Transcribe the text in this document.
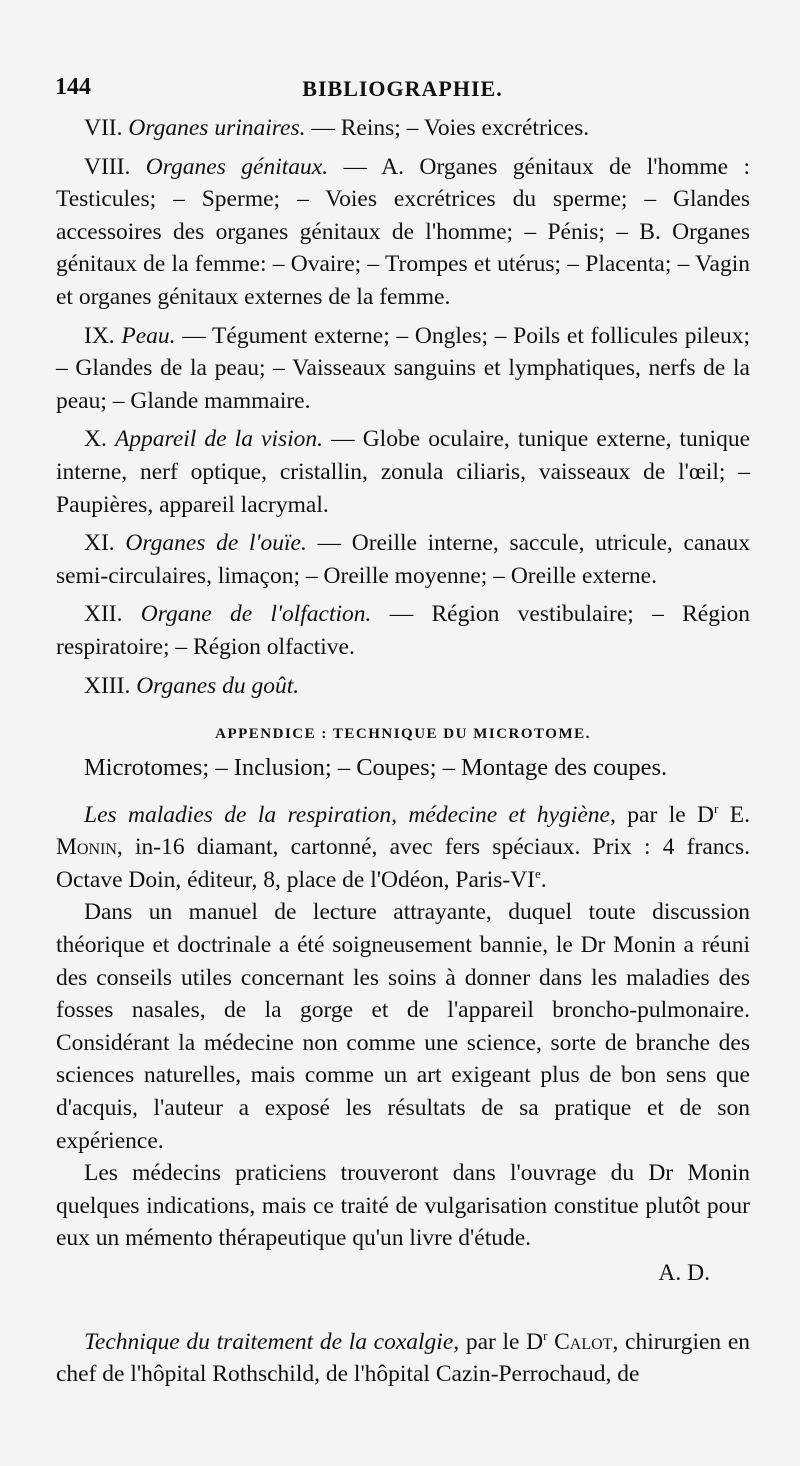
144	BIBLIOGRAPHIE.

VII. Organes urinaires. — Reins; – Voies excrétrices.

VIII. Organes génitaux. — A. Organes génitaux de l'homme : Testicules; – Sperme; – Voies excrétrices du sperme; – Glandes accessoires des organes génitaux de l'homme; – Pénis; – B. Organes génitaux de la femme: – Ovaire; – Trompes et utérus; – Placenta; – Vagin et organes génitaux externes de la femme.

IX. Peau. — Tégument externe; – Ongles; – Poils et follicules pileux; – Glandes de la peau; – Vaisseaux sanguins et lymphatiques, nerfs de la peau; – Glande mammaire.

X. Appareil de la vision. — Globe oculaire, tunique externe, tunique interne, nerf optique, cristallin, zonula ciliaris, vaisseaux de l'œil; – Paupières, appareil lacrymal.

XI. Organes de l'ouïe. — Oreille interne, saccule, utricule, canaux semi-circulaires, limaçon; – Oreille moyenne; – Oreille externe.

XII. Organe de l'olfaction. — Région vestibulaire; – Région respiratoire; – Région olfactive.

XIII. Organes du goût.

APPENDICE : TECHNIQUE DU MICROTOME.

Microtomes; – Inclusion; – Coupes; – Montage des coupes.

Les maladies de la respiration, médecine et hygiène, par le $D^r$ E. Monin, in-16 diamant, cartonné, avec fers spéciaux. Prix : 4 francs. Octave Doin, éditeur, 8, place de l'Odéon, Paris-VIe.

Dans un manuel de lecture attrayante, duquel toute discussion théorique et doctrinale a été soigneusement bannie, le Dr Monin a réuni des conseils utiles concernant les soins à donner dans les maladies des fosses nasales, de la gorge et de l'appareil broncho-pulmonaire. Considérant la médecine non comme une science, sorte de branche des sciences naturelles, mais comme un art exigeant plus de bon sens que d'acquis, l'auteur a exposé les résultats de sa pratique et de son expérience.

Les médecins praticiens trouveront dans l'ouvrage du Dr Monin quelques indications, mais ce traité de vulgarisation constitue plutôt pour eux un mémento thérapeutique qu'un livre d'étude.

A. D.

Technique du traitement de la coxalgie, par le $D^r$ Calot, chirurgien en chef de l'hôpital Rothschild, de l'hôpital Cazin-Perrochaud, de
